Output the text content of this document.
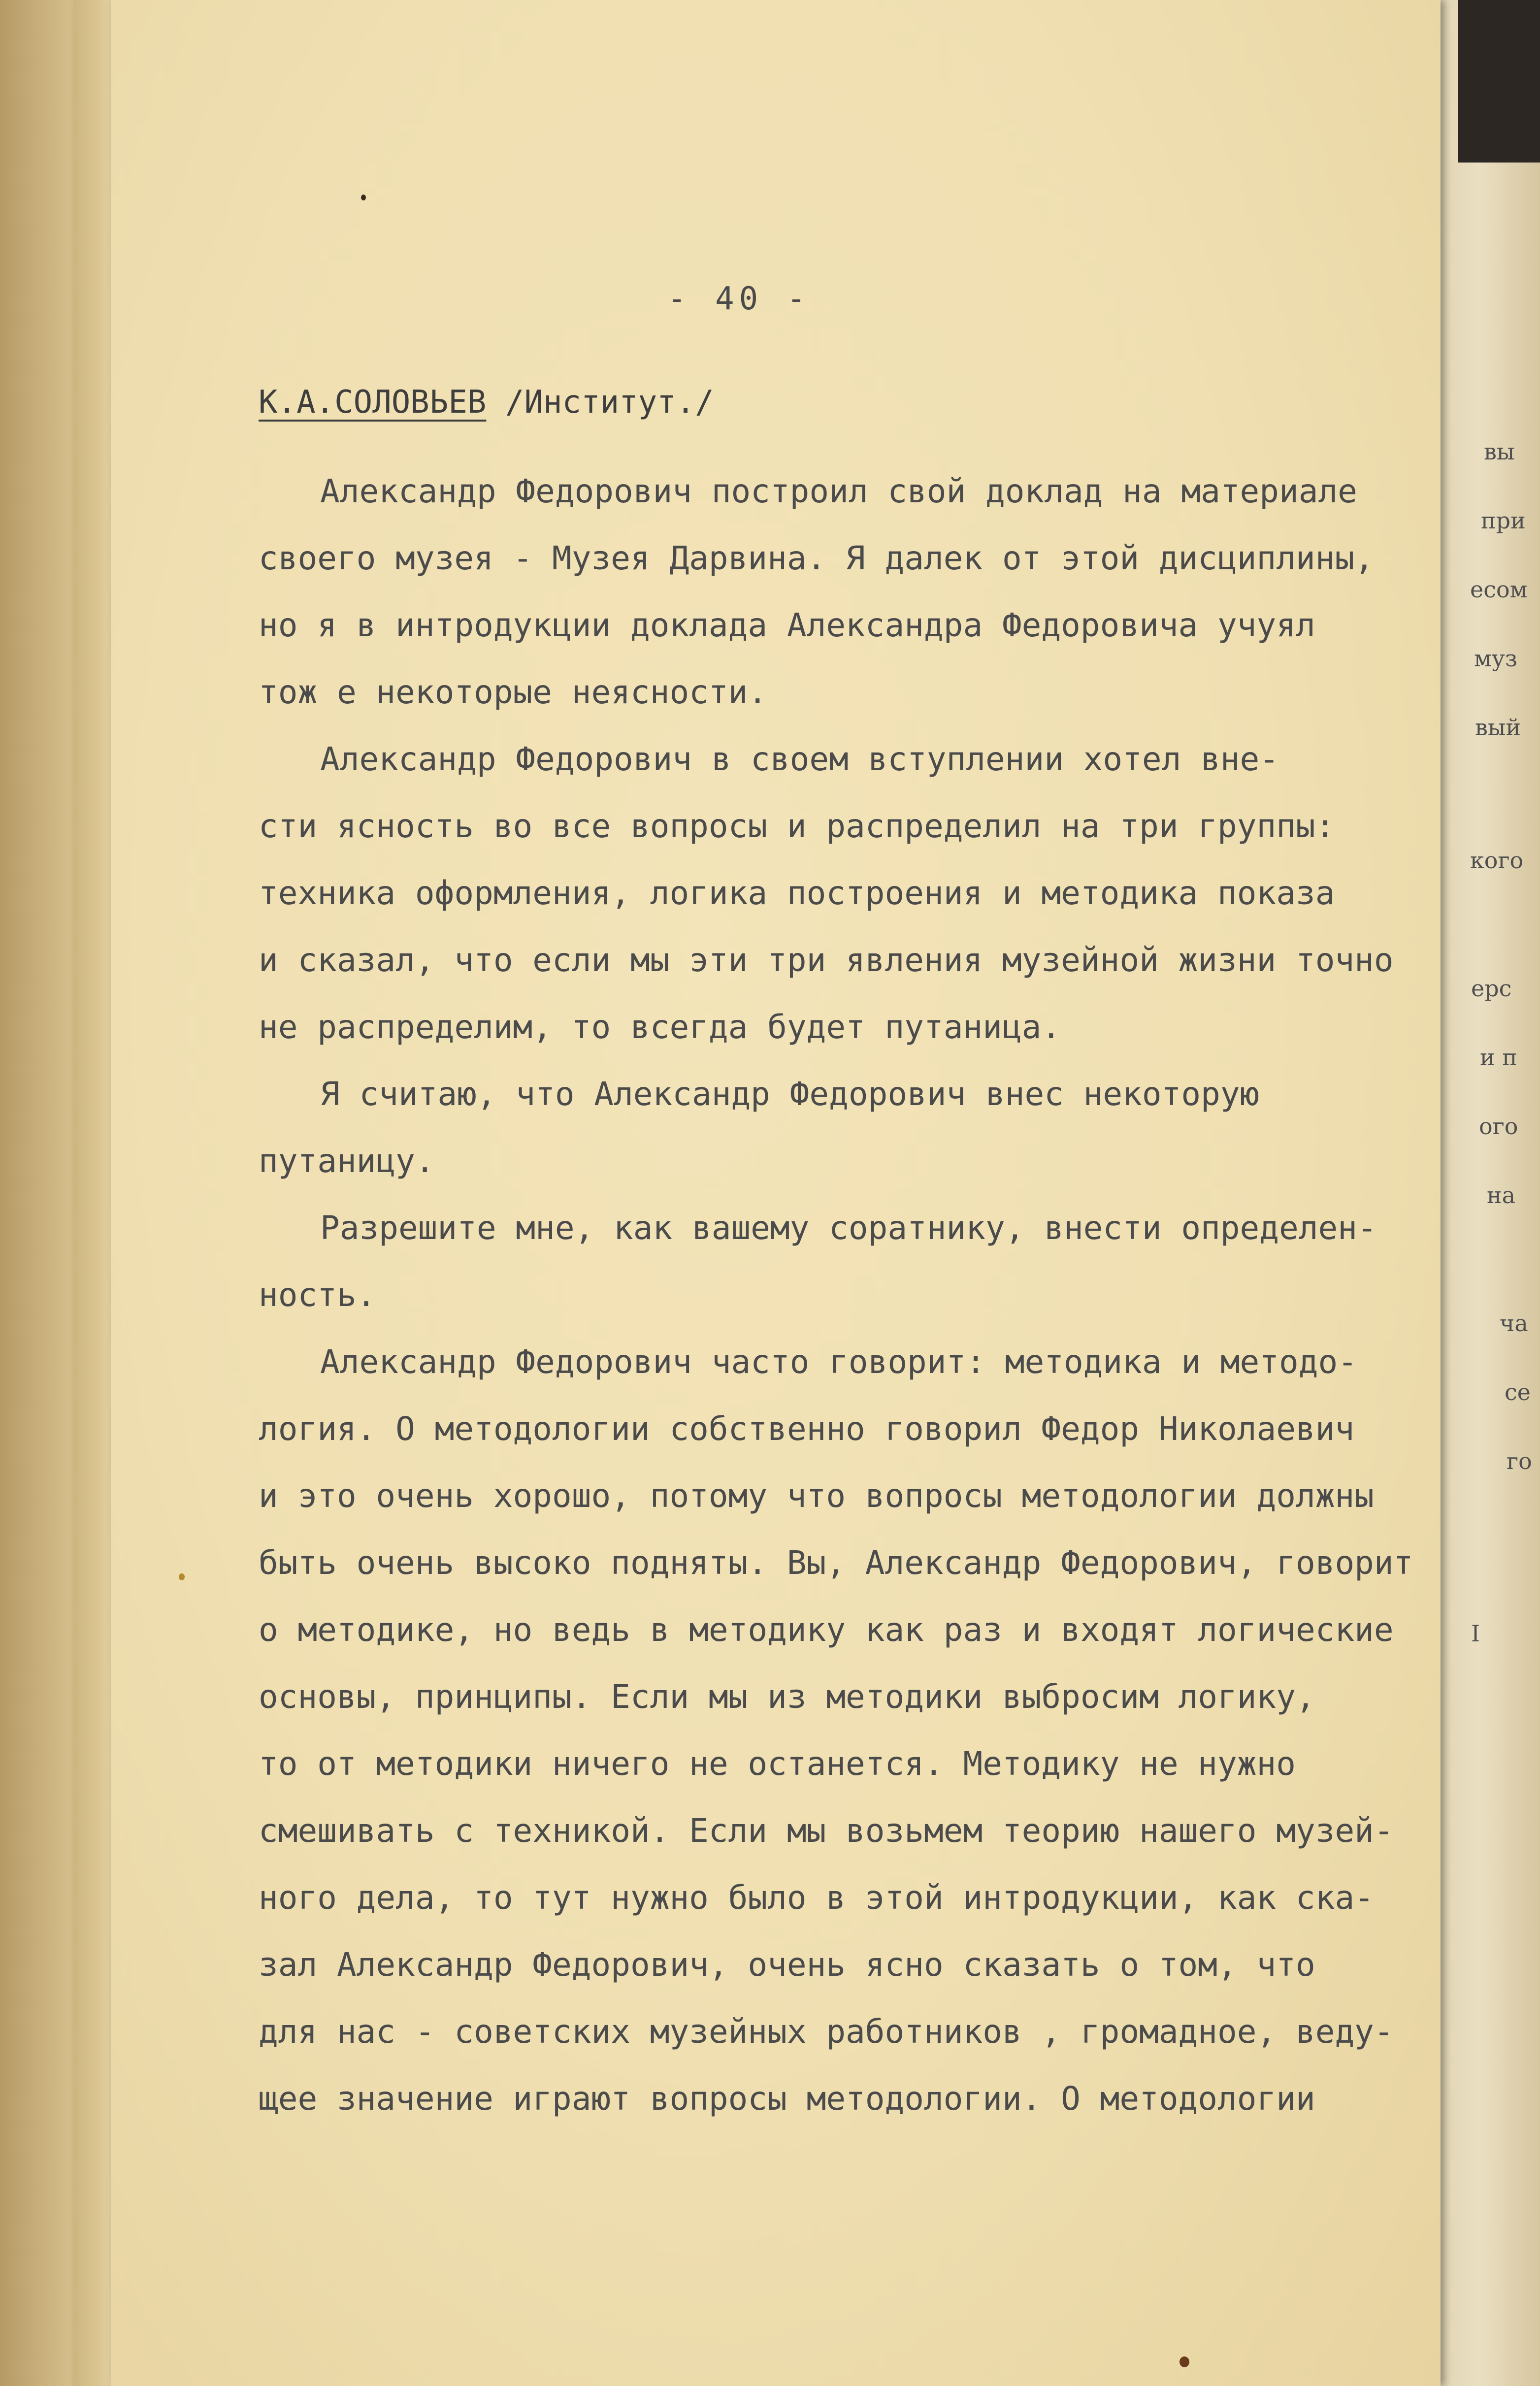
вы
при
есом
муз
вый
кого
ерс
и п
ого
на
ча
се
го
I
- 40 -
К.А.СОЛОВЬЕВ /Институт./
Александр Федорович построил свой доклад на материале
своего музея - Музея Дарвина. Я далек от этой дисциплины,
но я в интродукции доклада Александра Федоровича учуял
тож е некоторые неясности.
Александр Федорович в своем вступлении хотел вне-
сти ясность во все вопросы и распределил на три группы:
техника оформления, логика построения и методика показа
и сказал, что если мы эти три явления музейной жизни точно
не распределим, то всегда будет путаница.
Я считаю, что Александр Федорович внес некоторую
путаницу.
Разрешите мне, как вашему соратнику, внести определен-
ность.
Александр Федорович часто говорит: методика и методо-
логия. О методологии собственно говорил Федор Николаевич
и это очень хорошо, потому что вопросы методологии должны
быть очень высоко подняты. Вы, Александр Федорович, говорит
о методике, но ведь в методику как раз и входят логические
основы, принципы. Если мы из методики выбросим логику,
то от методики ничего не останется. Методику не нужно
смешивать с техникой. Если мы возьмем теорию нашего музей-
ного дела, то тут нужно было в этой интродукции, как ска-
зал Александр Федорович, очень ясно сказать о том, что
для нас - советских музейных работников , громадное, веду-
щее значение играют вопросы методологии. О методологии
